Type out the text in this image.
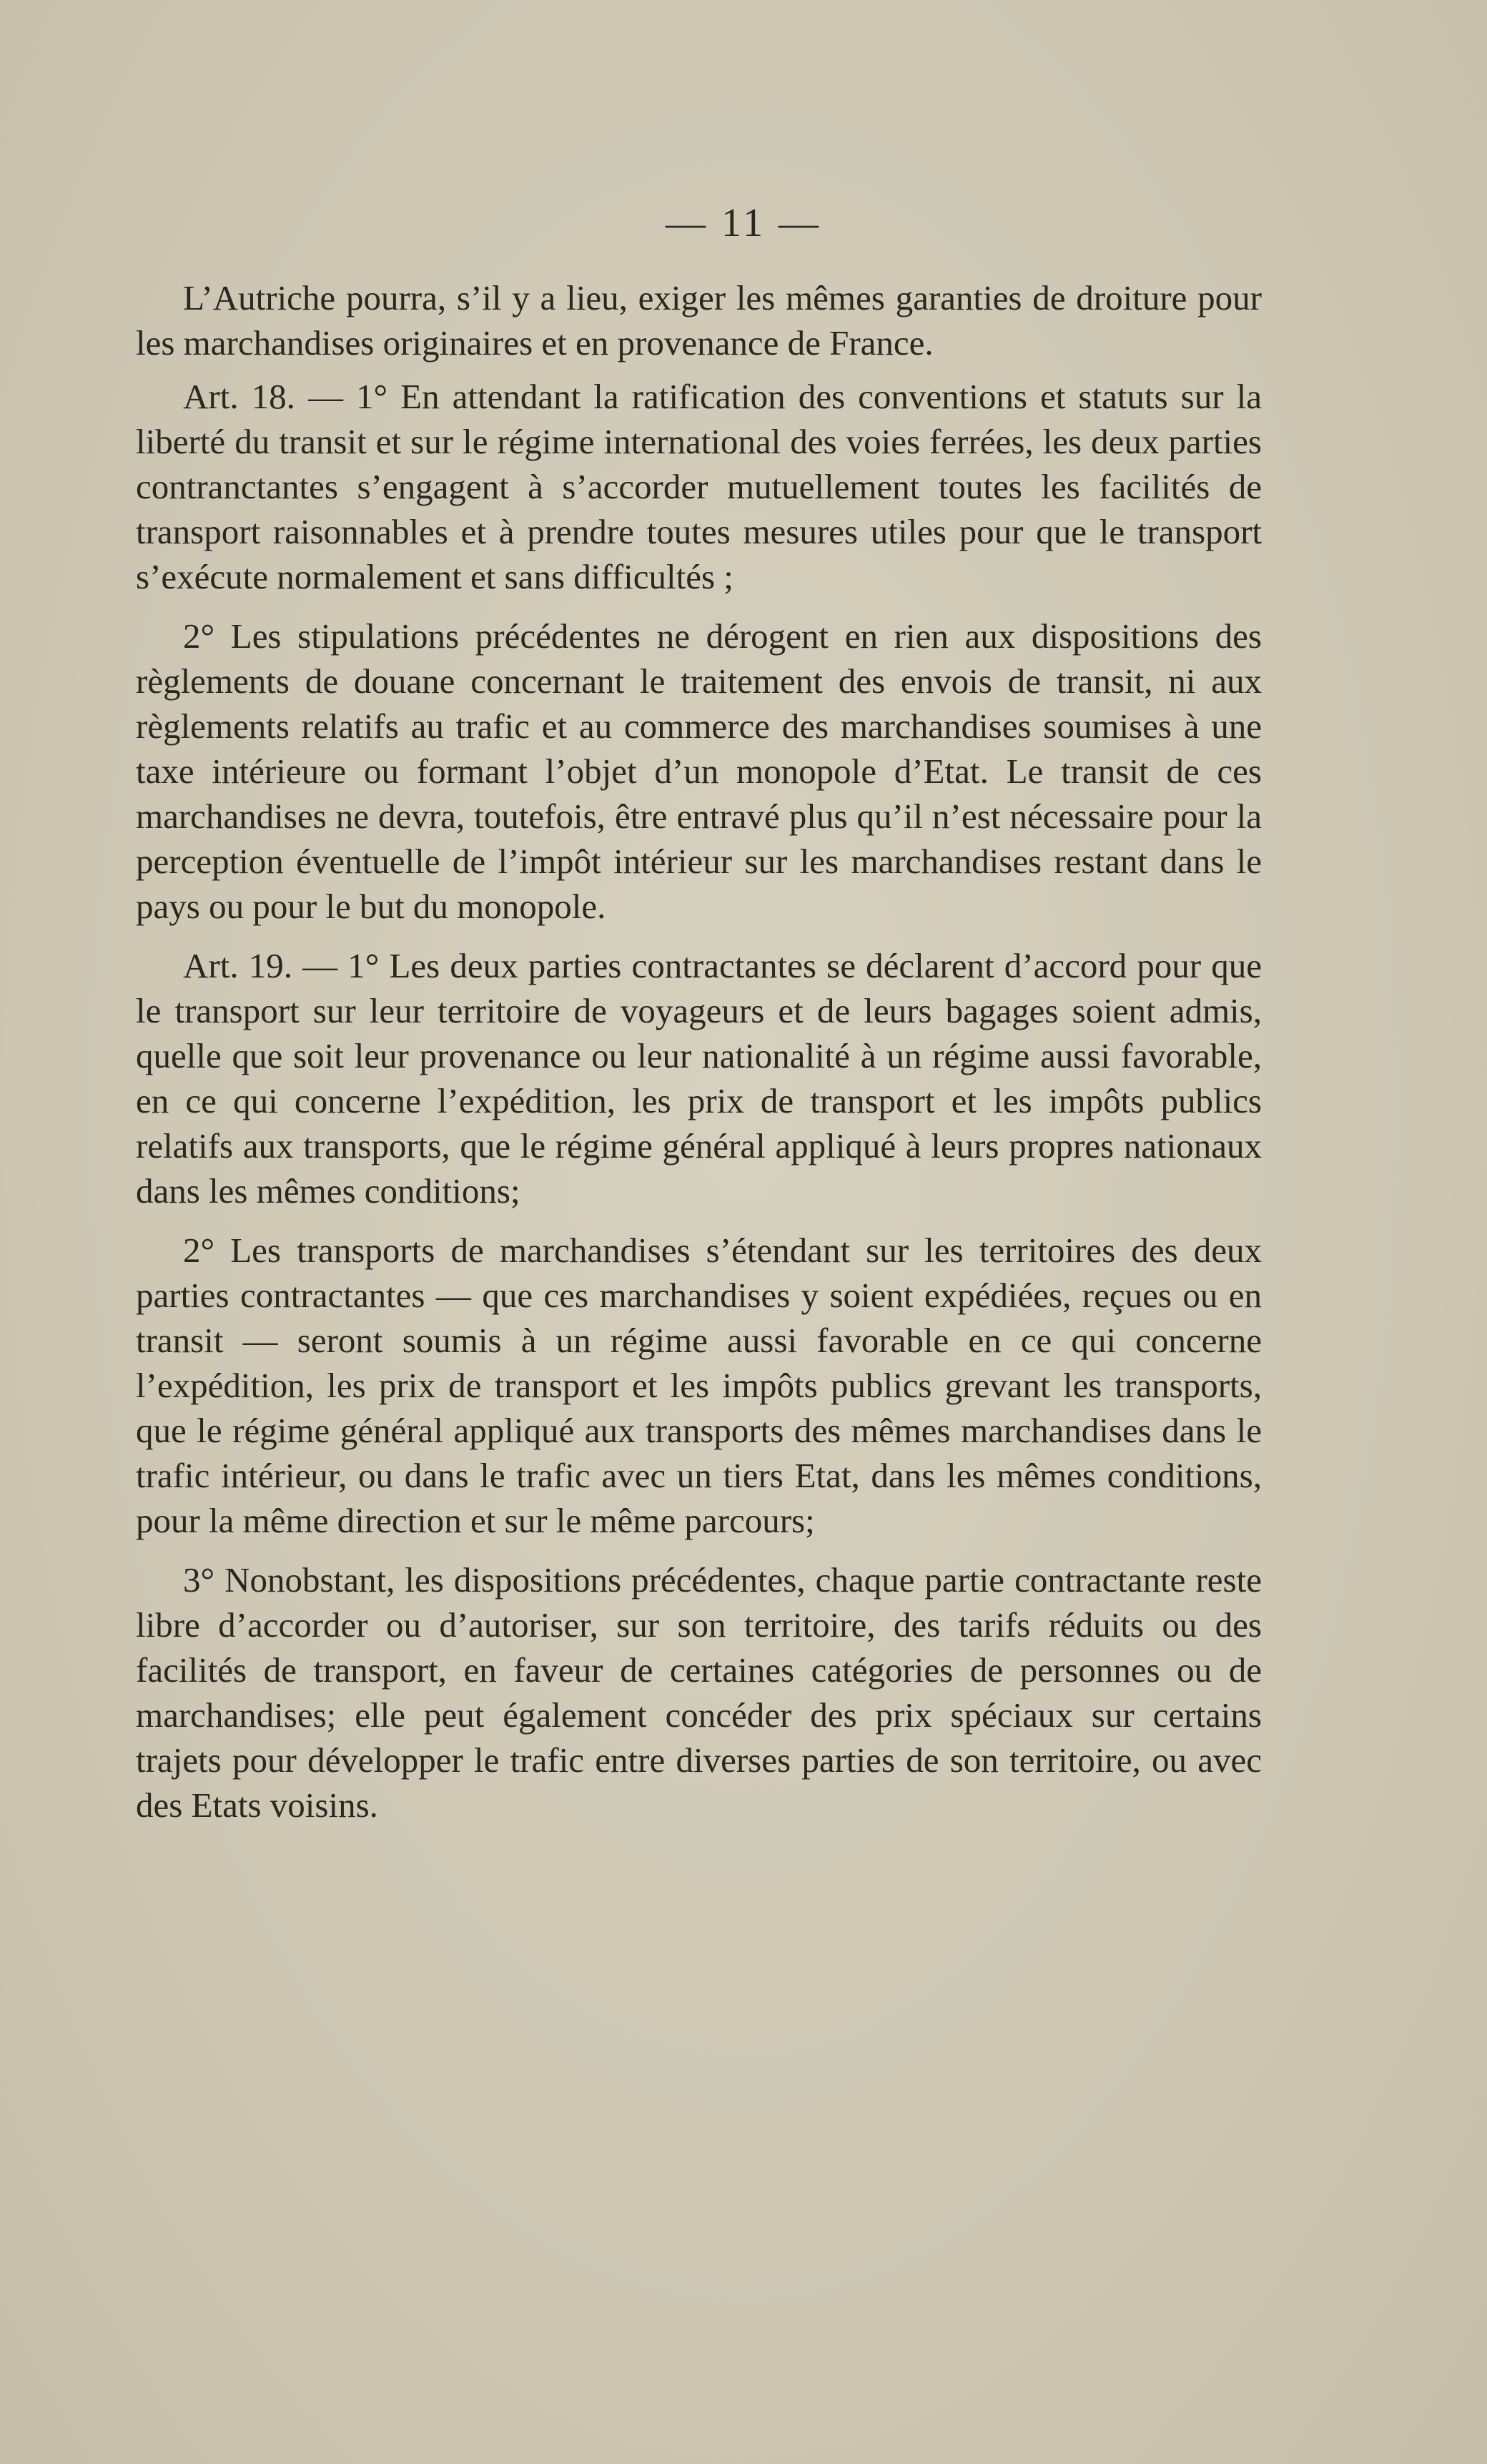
— 11 —

L’Autriche pourra, s’il y a lieu, exiger les mêmes garanties de droiture pour les marchandises originaires et en provenance de France.

Art. 18. — 1° En attendant la ratification des conventions et statuts sur la liberté du transit et sur le régime international des voies ferrées, les deux parties contranctantes s’engagent à s’accorder mutuellement toutes les facilités de transport raisonnables et à prendre toutes mesures utiles pour que le transport s’exécute normalement et sans difficultés ;

2° Les stipulations précédentes ne dérogent en rien aux dispositions des règlements de douane concernant le traitement des envois de transit, ni aux règlements relatifs au trafic et au commerce des marchandises soumises à une taxe intérieure ou formant l’objet d’un monopole d’Etat. Le transit de ces marchandises ne devra, toutefois, être entravé plus qu’il n’est nécessaire pour la perception éventuelle de l’impôt intérieur sur les marchandises restant dans le pays ou pour le but du monopole.

Art. 19. — 1° Les deux parties contractantes se déclarent d’accord pour que le transport sur leur territoire de voyageurs et de leurs bagages soient admis, quelle que soit leur provenance ou leur nationalité à un régime aussi favorable, en ce qui concerne l’expédition, les prix de transport et les impôts publics relatifs aux transports, que le régime général appliqué à leurs propres nationaux dans les mêmes conditions;

2° Les transports de marchandises s’étendant sur les territoires des deux parties contractantes — que ces marchandises y soient expédiées, reçues ou en transit — seront soumis à un régime aussi favorable en ce qui concerne l’expédition, les prix de transport et les impôts publics grevant les transports, que le régime général appliqué aux transports des mêmes marchandises dans le trafic intérieur, ou dans le trafic avec un tiers Etat, dans les mêmes conditions, pour la même direction et sur le même parcours;

3° Nonobstant, les dispositions précédentes, chaque partie contractante reste libre d’accorder ou d’autoriser, sur son territoire, des tarifs réduits ou des facilités de transport, en faveur de certaines catégories de personnes ou de marchandises; elle peut également concéder des prix spéciaux sur certains trajets pour développer le trafic entre diverses parties de son territoire, ou avec des Etats voisins.
